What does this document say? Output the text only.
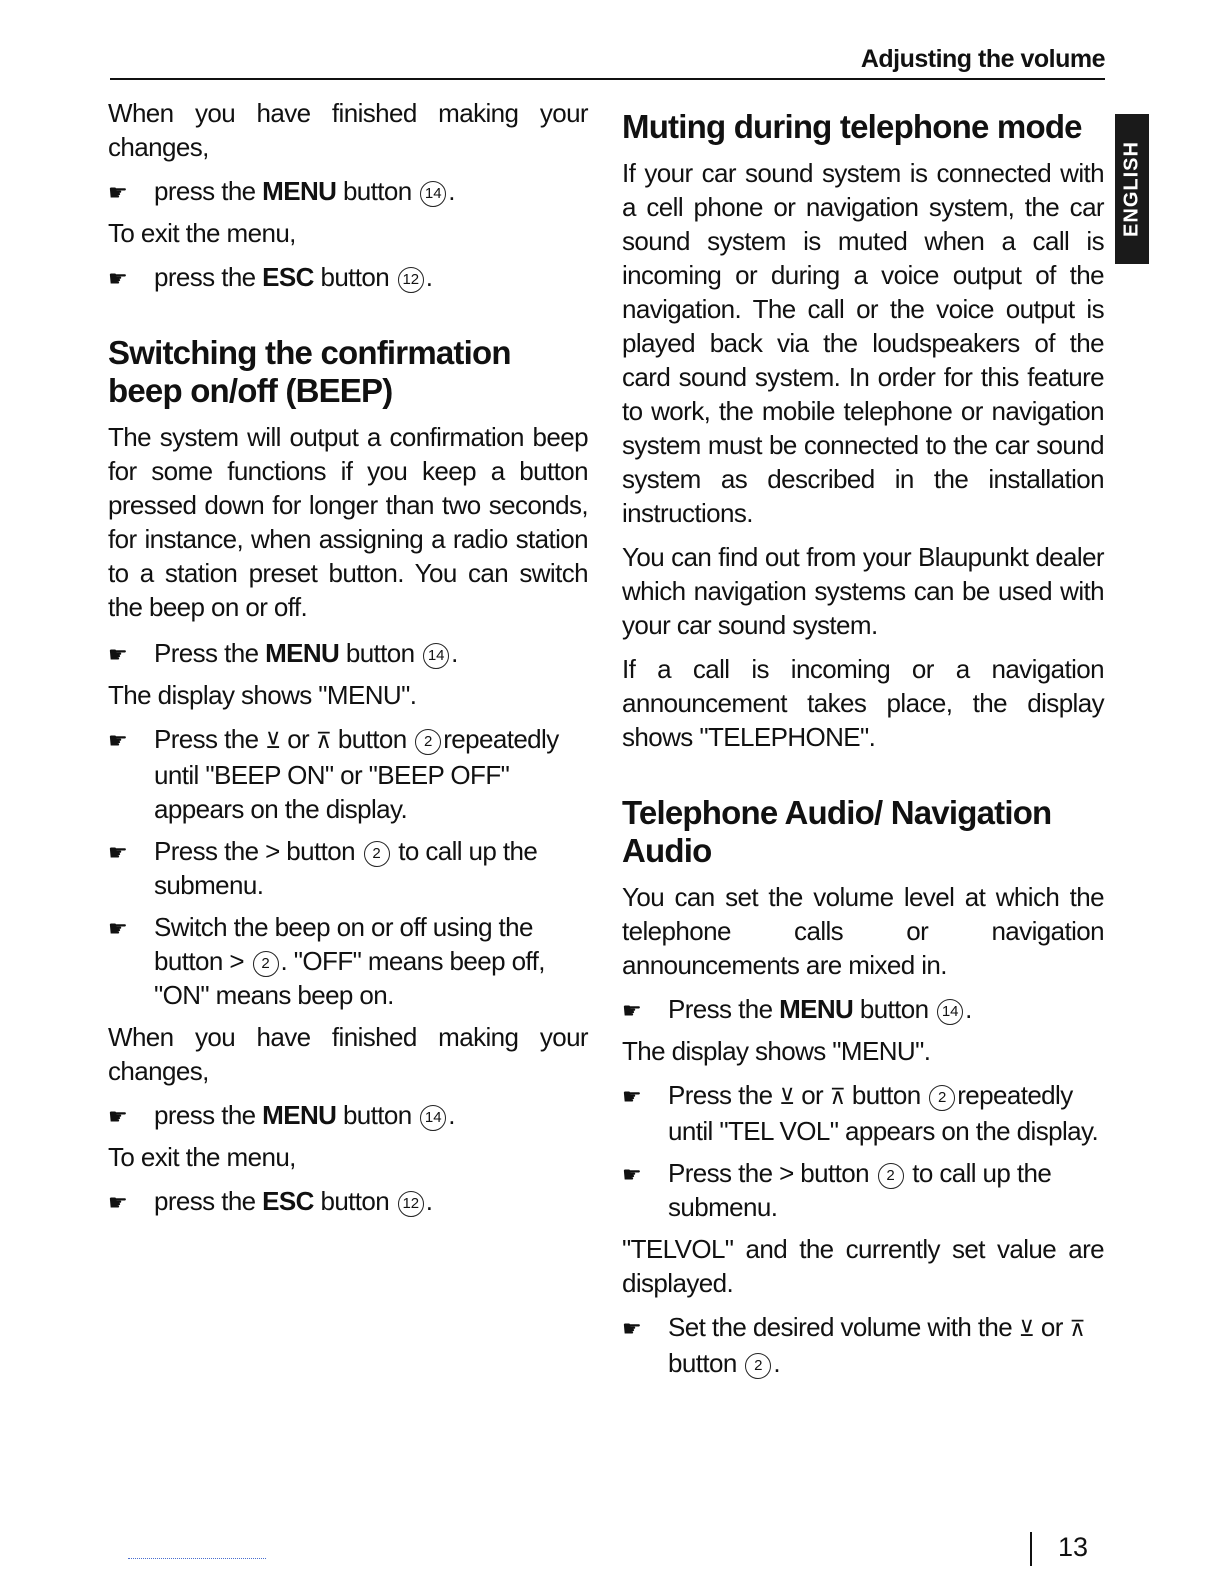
Adjusting the volume
ENGLISH

When you have finished making your changes,

☛	press the MENU button 14 .

To exit the menu,

☛	press the ESC button 12 .
Switching the confirmation beep on/off (BEEP)

The system will output a confirmation beep for some functions if you keep a button pressed down for longer than two seconds, for instance, when assigning a radio station to a station preset button. You can switch the beep on or off.

☛	Press the MENU button 14 .

The display shows "MENU".

☛	Press the ⊻ or ⊼ button 2 repeatedly until "BEEP ON" or "BEEP OFF" appears on the display.
☛	Press the > button 2 to call up the submenu.
☛	Switch the beep on or off using the button > 2 . "OFF" means beep off, "ON" means beep on.

When you have finished making your changes,

☛	press the MENU button 14 .

To exit the menu,

☛	press the ESC button 12 .
Muting during telephone mode

If your car sound system is connected with a cell phone or navigation system, the car sound system is muted when a call is incoming or during a voice output of the navigation. The call or the voice output is played back via the loudspeakers of the card sound system. In order for this feature to work, the mobile telephone or navigation system must be connected to the car sound system as described in the installation instructions.

You can find out from your Blaupunkt dealer which navigation systems can be used with your car sound system.

If a call is incoming or a navigation announcement takes place, the display shows "TELEPHONE".

Telephone Audio/ Navigation Audio

You can set the volume level at which the telephone calls or navigation announcements are mixed in.

☛	Press the MENU button 14 .

The display shows "MENU".

☛	Press the ⊻ or ⊼ button 2 repeatedly until "TEL VOL" appears on the display.
☛	Press the > button 2 to call up the submenu.

"TELVOL" and the currently set value are displayed.

☛	Set the desired volume with the ⊻ or ⊼ button 2 .
13
